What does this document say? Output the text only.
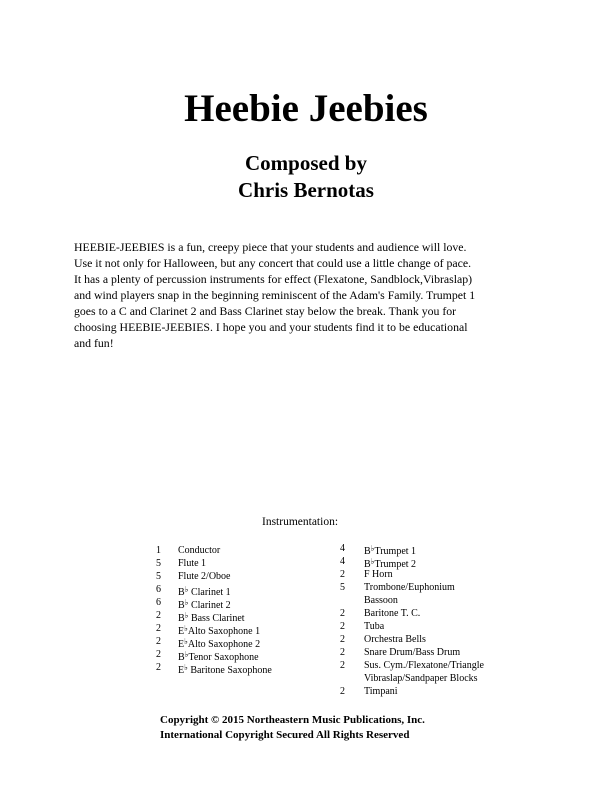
Heebie Jeebies
Composed by
Chris Bernotas
HEEBIE-JEEBIES is a fun, creepy piece that your students and audience will love.
Use it not only for Halloween, but any concert that could use a little change of pace.
It has a plenty of percussion instruments for effect (Flexatone, Sandblock,Vibraslap)
and wind players snap in the beginning reminiscent of the Adam's Family. Trumpet 1
goes to a C and Clarinet 2 and Bass Clarinet stay below the break. Thank you for
choosing HEEBIE-JEEBIES. I hope you and your students find it to be educational
and fun!
Instrumentation:
1	Conductor
5	Flute 1
5	Flute 2/Oboe
6	B♭ Clarinet 1
6	B♭ Clarinet 2
2	B♭ Bass Clarinet
2	E♭Alto Saxophone 1
2	E♭Alto Saxophone 2
2	B♭Tenor Saxophone
2	E♭ Baritone Saxophone
4	B♭Trumpet 1
4	B♭Trumpet 2
2	F Horn
5	Trombone/Euphonium
Bassoon
2	Baritone T. C.
2	Tuba
2	Orchestra Bells
2	Snare Drum/Bass Drum
2	Sus. Cym./Flexatone/Triangle
Vibraslap/Sandpaper Blocks
2	Timpani
Copyright © 2015 Northeastern Music Publications, Inc.
International Copyright Secured All Rights Reserved
